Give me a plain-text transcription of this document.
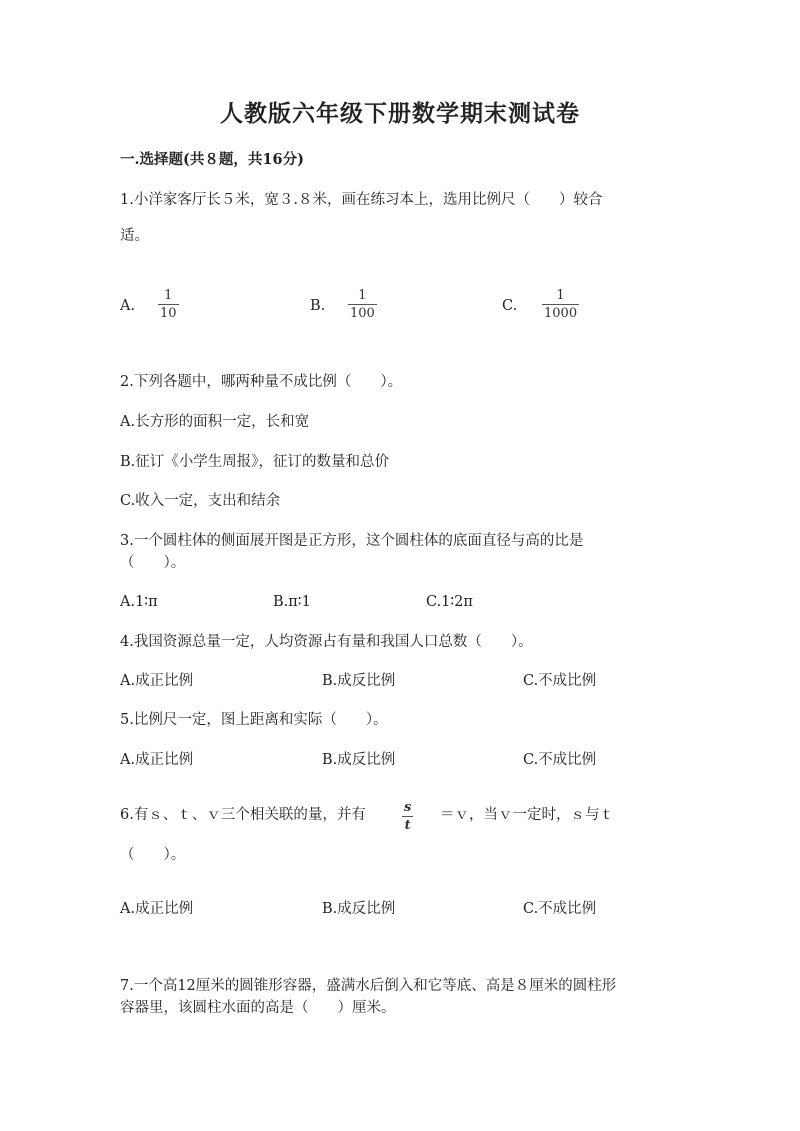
人教版六年级下册数学期末测试卷
一.选择题(共８题，共16分)
1.小洋家客厅长５米，宽３.８米，画在练习本上，选用比例尺（　　）较合
适。
A.
1
10	B.
1
100	C.
1
1000
2.下列各题中，哪两种量不成比例（　　）。
A.长方形的面积一定，长和宽
B.征订《小学生周报》，征订的数量和总价
C.收入一定，支出和结余
3.一个圆柱体的侧面展开图是正方形，这个圆柱体的底面直径与高的比是
（　　）。
A.1∶π	B.π∶1	C.1∶2π
4.我国资源总量一定，人均资源占有量和我国人口总数（　　）。
A.成正比例	B.成反比例	C.不成比例
5.比例尺一定，图上距离和实际（　　）。
A.成正比例	B.成反比例	C.不成比例
6.有ｓ、ｔ、ｖ三个相关联的量，并有	s
t
＝ｖ，当ｖ一定时，ｓ与ｔ
（　　）。
A.成正比例	B.成反比例	C.不成比例
7.一个高12厘米的圆锥形容器，盛满水后倒入和它等底、高是８厘米的圆柱形
容器里，该圆柱水面的高是（　　）厘米。
